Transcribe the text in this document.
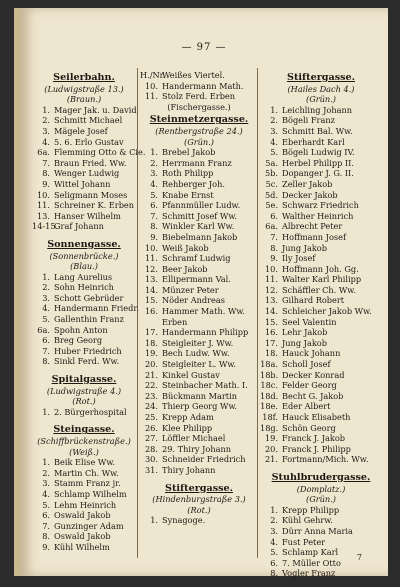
— 97 —
Seilerbahn.
(Ludwigstraße 13.)
(Braun.)
1. Mager Jak. u. David
2. Schmitt Michael
3. Mägele Josef
4. 5. 6. Erlo Gustav
6a. Flemming Otto & Cie.
7. Braun Fried. Ww.
8. Wenger Ludwig
9. Wittel Johann
10. Seligmann Moses
11. Schreiner K. Erben
13. Hanser Wilhelm
14-15.
Graf Johann
Sonnengasse.
(Sonnenbrücke.)
(Blau.)
1. Lang Aurelius
2. Sohn Heinrich
3. Schott Gebrüder
4. Handermann Friedr.
5. Gallenthin Franz
6a. Spohn Anton
6. Breg Georg
7. Huber Friedrich
8. Sinkl Ferd. Ww.
Spitalgasse.
(Ludwigstraße 4.)
(Rot.)
1. 2. Bürgerhospital
Steingasse.
(Schiffbrückenstraße.)
(Weiß.)
1. Beik Elise Ww.
2. Martin Ch. Ww.
3. Stamm Franz jr.
4. Schlamp Wilhelm
5. Lehm Heinrich
6. Oswald Jakob
7. Gunzinger Adam
8. Oswald Jakob
9. Kühl Wilhelm
H./Nr.
Weißes Viertel.
10. Handermann Math.
11. Stolz Ferd. Erben
(Fischergasse.)
Steinmetzergasse.
(Rentbergstraße 24.)
(Grün.)
1. Brebel Jakob
2. Herrmann Franz
3. Roth Philipp
4. Rehberger Joh.
5. Knabe Ernst
6. Pfannmüller Ludw.
7. Schmitt Josef Ww.
8. Winkler Karl Ww.
9. Biebelmann Jakob
10. Weiß Jakob
11. Schramf Ludwig
12. Beer Jakob
13. Ellipermann Val.
14. Münzer Peter
15. Nöder Andreas
16. Hammer Math. Ww.
Erben
17. Handermann Philipp
18. Steigleiter J. Ww.
19. Bech Ludw. Ww.
20. Steigleiter L. Ww.
21. Kinkel Gustav
22. Steinbacher Math. I.
23. Bückmann Martin
24. Thierp Georg Ww.
25. Krepp Adam
26. Klee Philipp
27. Löffler Michael
28. 29. Thiry Johann
30. Schneider Friedrich
31. Thiry Johann
Stiftergasse.
(Hindenburgstraße 3.)
(Rot.)
1. Synagoge.
Stiftergasse.
(Hailes Dach 4.)
(Grün.)
1. Leichling Johann
2. Bögeli Franz
3. Schmitt Bal. Ww.
4. Eberhardt Karl
5. Bögeli Ludwig IV.
5a. Herbel Philipp II.
5b. Dopanger J. G. II.
5c. Zeller Jakob
5d. Decker Jakob
5e. Schwarz Friedrich
6. Walther Heinrich
6a. Albrecht Peter
7. Hoffmann Josef
8. Jung Jakob
9. Ily Josef
10. Hoffmann Joh. Gg.
11. Walter Karl Philipp
12. Schäffler Ch. Ww.
13. Gilhard Robert
14. Schleicher Jakob Ww.
15. Seel Valentin
16. Lehr Jakob
17. Jung Jakob
18. Hauck Johann
18a. Scholl Josef
18b. Decker Konrad
18c. Felder Georg
18d. Becht G. Jakob
18e. Eder Albert
18f. Hauck Elisabeth
18g. Schön Georg
19. Franck J. Jakob
20. Franck J. Philipp
21. Fortmann/Mich. Ww.
Stuhlbrudergasse.
(Domplatz.)
(Grün.)
1. Krepp Philipp
2. Kühl Gehrw.
3. Dürr Anna Maria
4. Fust Peter
5. Schlamp Karl
6. 7. Müller Otto
8. Vogler Franz
7
